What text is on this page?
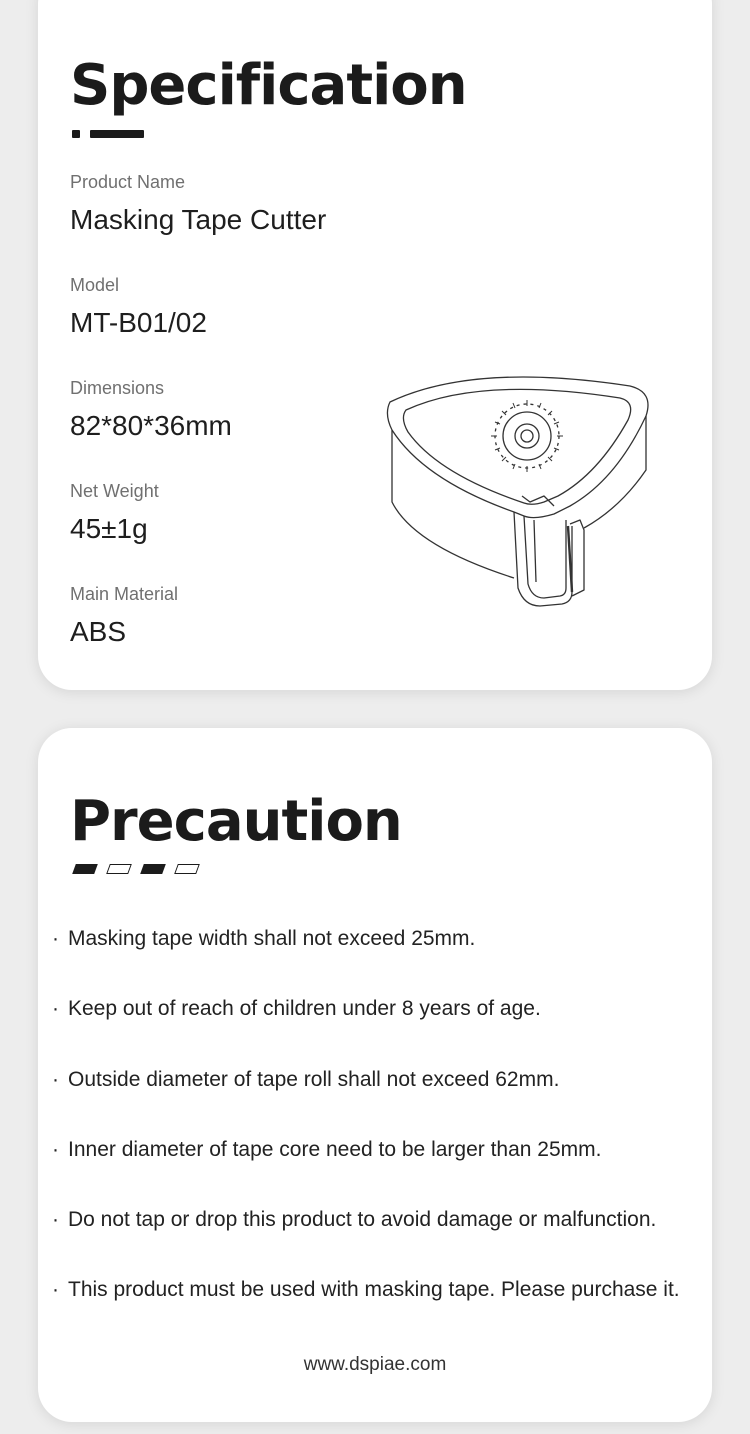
Specification
Product Name
Masking Tape Cutter
Model
MT-B01/02
Dimensions
82*80*36mm
Net Weight
45±1g
Main Material
ABS
Precaution
· Masking tape width shall not exceed 25mm.
· Keep out of reach of children under 8 years of age.
· Outside diameter of tape roll shall not exceed 62mm.
· Inner diameter of tape core need to be larger than 25mm.
· Do not tap or drop this product to avoid damage or malfunction.
· This product must be used with masking tape. Please purchase it.
www.dspiae.com
